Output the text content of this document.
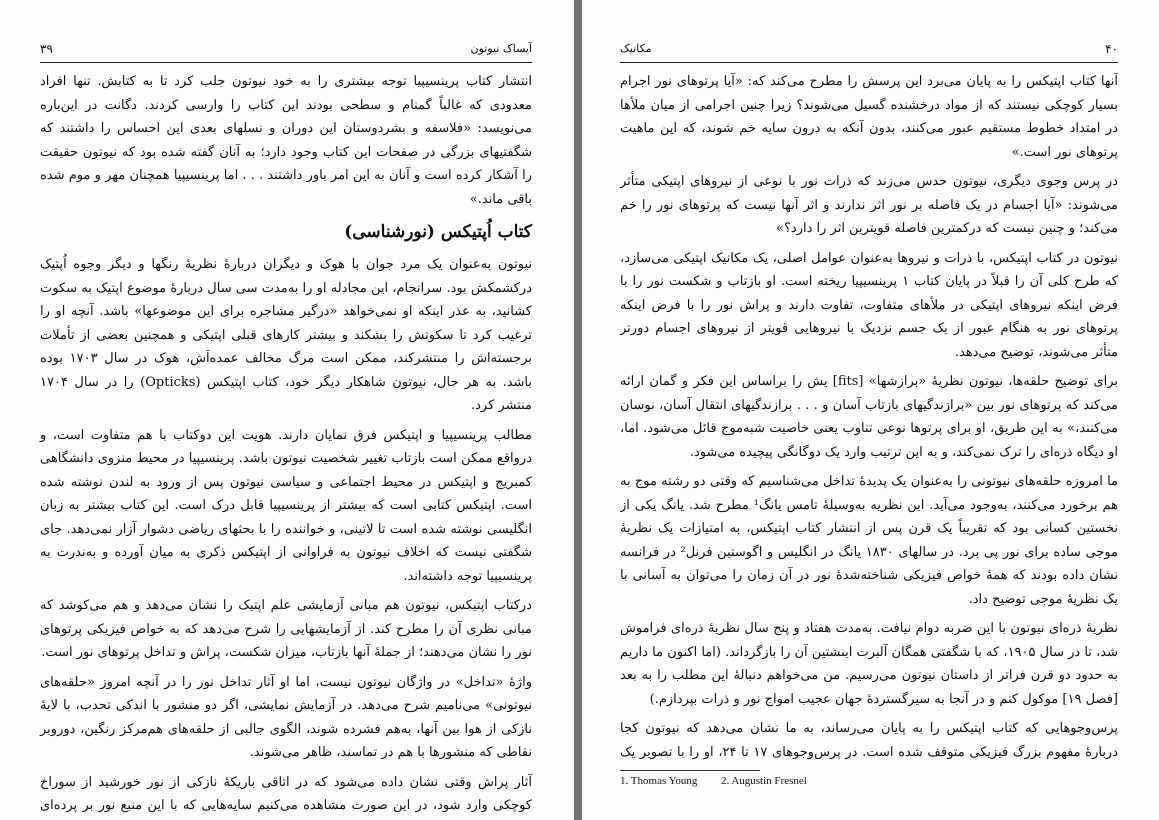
۳۹	آیساک نیوتون

انتشار کتاب پرینسیپیا توجه بیشتری را به خود نیوتون جلب کرد تا به کتابش. تنها افراد معدودی که غالباً گمنام و سطحی بودند این کتاب را وارسی کردند. دگانت در این‌باره می‌نویسد: «فلاسفه و بشردوستان این دوران و نسلهای بعدی این احساس را داشتند که شگفتیهای بزرگی در صفحات این کتاب وجود دارد؛ به آنان گفته شده بود که نیوتون حقیقت را آشکار کرده است و آنان به این امر باور داشتند . . . اما پرینسیپیا همچنان مهر و موم شده باقی ماند.»

کتاب اُپتیکس (نورشناسی)

نیوتون به‌عنوان یک مرد جوان با هوک و دیگران دربارهٔ نظریهٔ رنگها و دیگر وجوه اُپتیک درکشمکش بود. سرانجام، این مجادله او را به‌مدت سی سال دربارهٔ موضوع اپتیک به سکوت کشانید، به عذر اینکه او نمی‌خواهد «درگیر مشاجره برای این موضوعها» باشد. آنچه او را ترغیب کرد تا سکوتش را بشکند و بیشتر کارهای قبلی اپتیکی و همچنین بعضی از تأملات برجسته‌اش را منتشرکند، ممکن است مرگ مخالف عمده‌اَش، هوک در سال ۱۷۰۳ بوده باشد. به هر حال، نیوتون شاهکار دیگر خود، کتاب اپتیکس (Opticks) را در سال ۱۷۰۴ منتشر کرد.

مطالب پرینسیپیا و اپتیکس فرق نمایان دارند. هویت این دوکتاب با هم متفاوت است، و درواقع ممکن است بازتاب تغییر شخصیت نیوتون باشد. پرینسیپیا در محیط منزوی دانشگاهی کمبریج و اپتیکس در محیط اجتماعی و سیاسی نیوتون پس از ورود به لندن نوشته شده است. اپتیکس کتابی است که بیشتر از پرینسیپیا قابل درک است. این کتاب بیشتر به زبان انگلیسی نوشته شده است تا لاتینی، و خواننده را با بحثهای ریاضی دشوار آزار نمی‌دهد. جای شگفتی نیست که اخلاف نیوتون به فراوانی از اپتیکس ذکری به میان آورده و به‌ندرت به پرینسیپیا توجه داشته‌اند.

درکتاب اپتیکس، نیوتون هم مبانی آزمایشی علم اپتیک را نشان می‌دهد و هم می‌کوشد که مبانی نظری آن را مطرح کند. از آزمایشهایی را شرح می‌دهد که به خواص فیزیکی پرتوهای نور را نشان می‌دهند؛ از جملهٔ آنها بازتاب، میزان شکست، پراش و تداخل پرتوهای نور است.

واژهٔ «تداخل» در واژگان نیوتون نیست، اما او آثار تداخل نور را در آنچه امروز «حلقه‌های نیوتونی» می‌نامیم شرح می‌دهد. در آزمایش نمایشی، اگر دو منشور با اندکی تحدب، با لایهٔ نازکی از هوا بین آنها، به‌هم فشرده شوند، الگوی جالبی از حلقه‌های هم‌مرکز رنگین، دوروبر نقاطی که منشورها با هم در تماسند، ظاهر می‌شوند.

آثار پراش وقتی نشان داده می‌شود که در اتاقی باریکهٔ نازکی از نور خورشید از سوراخ کوچکی وارد شود، در این صورت مشاهده می‌کنیم سایه‌هایی که با این منبع نور بر پرده‌ای

۴۰
مکانیک

آنها کتاب اپتیکس را به پایان می‌برد این پرسش را مطرح می‌کند که: «آیا پرتوهای نور اجرام بسیار کوچکی نیستند که از مواد درخشنده گسیل می‌شوند؟ زیرا چنین اجرامی از میان ملأها در امتداد خطوط مستقیم عبور می‌کنند، بدون آنکه به درون سایه خم شوند، که این ماهیت پرتوهای نور است.»

در پرس وجوی دیگری، نیوتون حدس می‌زند که ذرات نور با نوعی از نیروهای اپتیکی متأثر می‌شوند: «آیا اجسام در یک فاصله بر نور اثر ندارند و اثر آنها نیست که پرتوهای نور را خم می‌کند؛ و چنین نیست که درکمترین فاصله قویترین اثر را دارد؟»

نیوتون در کتاب اپتیکس، با ذرات و نیروها به‌عنوان عوامل اصلی، یک مکانیک اپتیکی می‌سازد، که طرح کلی آن را قبلاً در پایان کتاب ۱ پرینسیپیا ریخته است. او بازتاب و شکست نور را با فرض اینکه نیروهای اپتیکی در ملأهای متفاوت، تفاوت دارند و پراش نور را با فرض اینکه پرتوهای نور به هنگام عبور از یک جسم نزدیک با نیروهایی قویتر از نیروهای اجسام دورتر متأثر می‌شوند، توضیح می‌دهد.

برای توضیح حلقه‌ها، نیوتون نظریهٔ «برازشها» [fits] یش را براساس این فکر و گمان ارائه می‌کند که پرتوهای نور بین «برازندگیهای بازتاب آسان و . . . برازندگیهای انتقال آسان، نوسان می‌کنند،» به این طریق، او برای پرتوها نوعی تناوب یعنی خاصیت شبه‌موج قائل می‌شود. اما، او دیگاه ذره‌ای را ترک نمی‌کند، و به این ترتیب وارد یک دوگانگی پیچیده می‌شود.

ما امروزه حلقه‌های نیوتونی را به‌عنوان یک پدیدهٔ تداخل می‌شناسیم که وقتی دو رشته موج به هم برخورد می‌کنند، به‌وجود می‌آید. این نظریه به‌وسیلهٔ تامس یانگ¹ مطرح شد. یانگ یکی از نخستین کسانی بود که تقریباً یک قرن پس از انتشار کتاب اپتیکس، به امتیازات یک نظریهٔ موجی ساده برای نور پی برد. در سالهای ۱۸۳۰ یانگ در انگلیس و اگوستین فرنل² در فرانسه نشان داده بودند که همهٔ خواص فیزیکی شناخته‌شدهٔ نور در آن زمان را می‌توان به آسانی با یک نظریهٔ موجی توضیح داد.

نظریهٔ ذره‌ای نیوتون با این ضربه دوام نیافت. به‌مدت هفتاد و پنج سال نظریهٔ ذره‌ای فراموش شد، تا در سال ۱۹۰۵، که با شگفتی همگان آلبرت اینشتین آن را بازگرداند. (اما اکنون ما داریم به حدود دو قرن فراتر از داستان نیوتون می‌رسیم. من می‌خواهم دنبالهٔ این مطلب را به بعد [فصل ۱۹] موکول کنم و در آنجا به سیرگستردهٔ جهان عجیب امواج نور و ذرات بپردازم.)

پرس‌وجوهایی که کتاب اپتیکس را به پایان می‌رساند، به ما نشان می‌دهد که نیوتون کجا دربارهٔ مفهوم بزرگ فیزیکی متوقف شده است. در پرس‌وجوهای ۱۷ تا ۲۴، او را با تصویر یک

1. Thomas Young 2. Augustin Fresnel
